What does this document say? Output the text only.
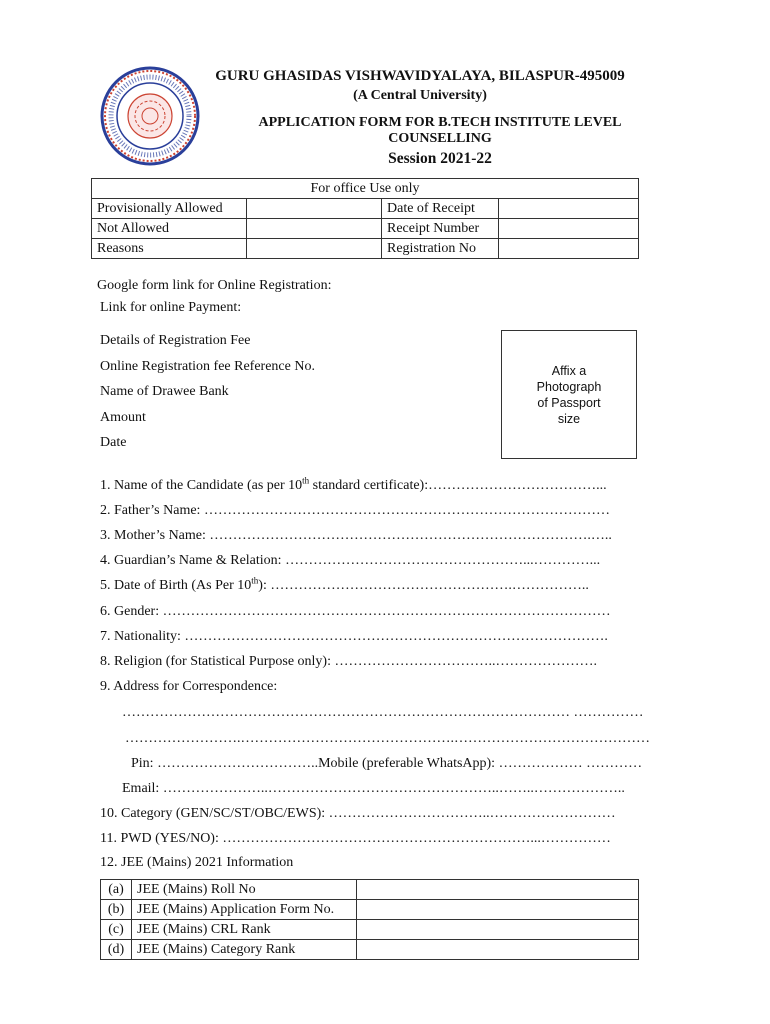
GURU GHASIDAS VISHWAVIDYALAYA, BILASPUR-495009
(A Central University)
APPLICATION FORM FOR B.TECH INSTITUTE LEVEL
COUNSELLING
Session 2021-22
For office Use only			
Provisionally Allowed		Date of Receipt	
Not Allowed		Receipt Number	
Reasons		Registration No	
Google form link for Online Registration:
Link for online Payment:
Details of Registration Fee
Online Registration fee Reference No.
Name of Drawee Bank
Amount
Date
Affix a
Photograph
of Passport
size
1. Name of the Candidate (as per 10th standard certificate):………………………………...
2. Father’s Name: ……………………………………………………………………………
3. Mother’s Name: ……………………………………………………………………….…..
4. Guardian’s Name & Relation: ……………………………………………...…………...
5. Date of Birth (As Per 10th): …………………………………………….……………..
6. Gender: ……………………………………………………………………………………
7. Nationality: ……………………………………………………………………………….
8. Religion (for Statistical Purpose only): ……………………………..………………….
9. Address for Correspondence:
…………………………………………………………………………………… ……………
…………………….……………………………………….……………………………………
Pin: ……………………………..Mobile (preferable WhatsApp): ……………… …………
Email: …………………..…………………………………………..……..………………..
10. Category (GEN/SC/ST/OBC/EWS): ……………………………..………………………
11. PWD (YES/NO): …………………………………………………………...……………
12. JEE (Mains) 2021 Information
(a)	JEE (Mains) Roll No	
(b)	JEE (Mains) Application Form No.	
(c)	JEE (Mains) CRL Rank	
(d)	JEE (Mains) Category Rank	
